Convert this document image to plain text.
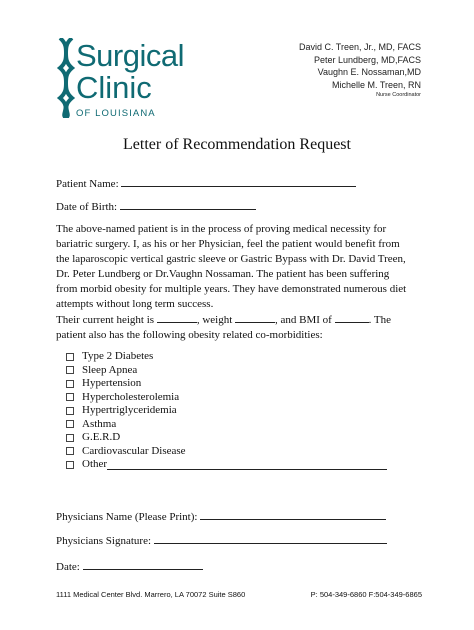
Surgical
Clinic
OF LOUISIANA
David C. Treen, Jr., MD, FACS
Peter Lundberg, MD,FACS
Vaughn E. Nossaman,MD
Michelle M. Treen, RN
Nurse Coordinator
Letter of Recommendation Request
Patient Name:
Date of Birth:

The above-named patient is in the process of proving medical necessity for

bariatric surgery. I, as his or her Physician, feel the patient would benefit from

the laparoscopic vertical gastric sleeve or Gastric Bypass with Dr. David Treen,

Dr. Peter Lundberg or Dr.Vaughn Nossaman. The patient has been suffering

from morbid obesity for multiple years. They have demonstrated numerous diet

attempts without long term success.

Their current height is	, weight	, and BMI of	. The

patient also has the following obesity related co-morbidities:

Type 2 Diabetes
Sleep Apnea
Hypertension
Hypercholesterolemia
Hypertriglyceridemia
Asthma
G.E.R.D
Cardiovascular Disease
Other
Physicians Name (Please Print):
Physicians Signature:
Date:
1111 Medical Center Blvd. Marrero, LA 70072 Suite S860	P: 504-349-6860 F:504-349-6865
